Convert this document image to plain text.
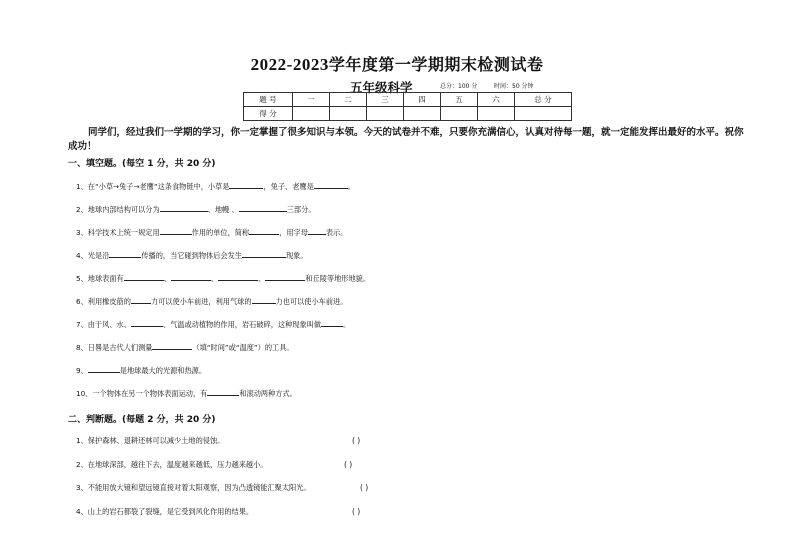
2022-2023学年度第一学期期末检测试卷
五年级科学	总分：100 分	时间：50 分钟
题 号	一	二	三	四	五	六	总 分
得 分							
同学们，经过我们一学期的学习，你一定掌握了很多知识与本领。今天的试卷并不难，只要你充满信心，认真对待每一题，就一定能发挥出最好的水平。祝你成功！
一、填空题。(每空 1 分，共 20 分)
1、在“小草→兔子→老鹰”这条食物链中，小草是	，兔子、老鹰是	。
2、地球内部结构可以分为	、地幔 、	三部分。
3、科学技术上统一规定用	作用的单位，简称	，用字母	表示。
4、光是沿	传播的，当它碰到物体后会发生	现象。
5、地球表面有	、	、	、	和丘陵等地形地貌。
6、利用橡皮筋的	力可以使小车前进，利用气球的	力也可以使小车前进。
7、由于风、水、	、气温或动植物的作用，岩石破碎，这种现象叫做	。
8、日晷是古代人们测量	（填“时间”或“温度”）的工具。
9、	是地球最大的光源和热源。
10、一个物体在另一个物体表面运动，有	和滚动两种方式。
二、判断题。(每题 2 分，共 20 分)
1、保护森林、退耕还林可以减少土地的侵蚀。	( )
2、在地球深部，越往下去，温度越来越低，压力越来越小。	( )
3、不能用放大镜和望远镜直接对着太阳观察，因为凸透镜能汇聚太阳光。	( )
4、山上的岩石都裂了裂缝，是它受到风化作用的结果。	( )
